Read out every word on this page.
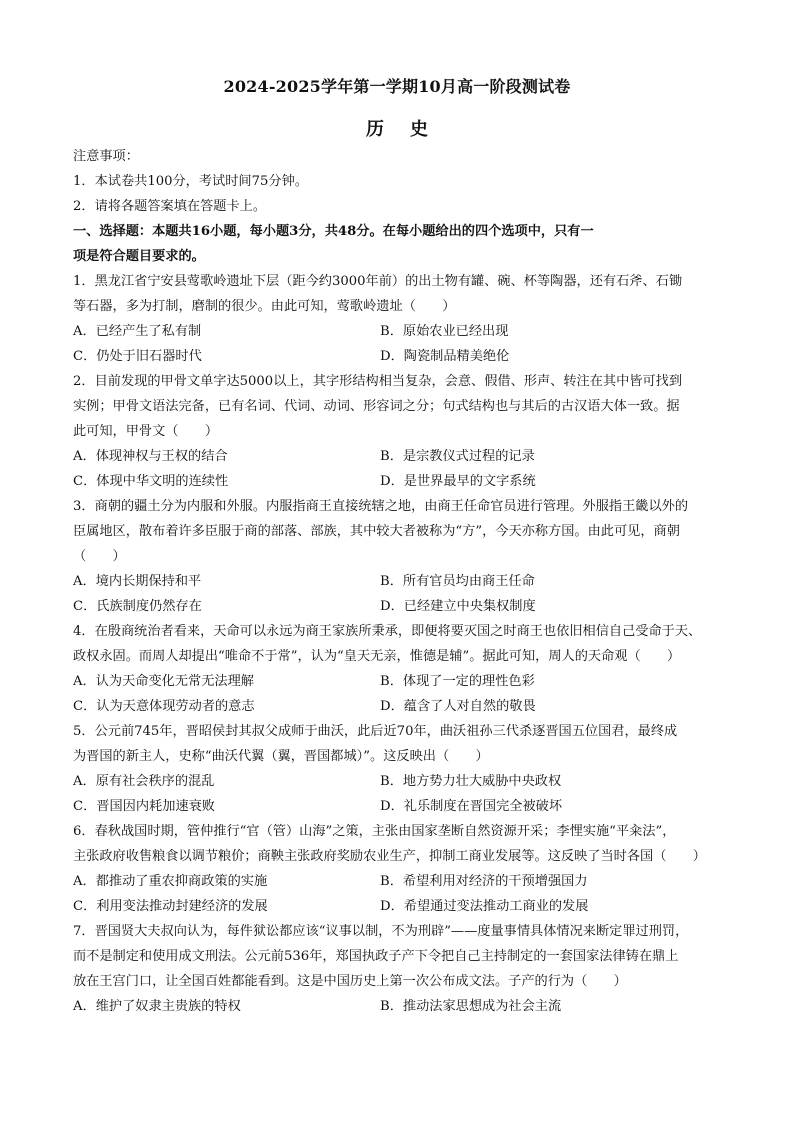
2024-2025学年第一学期10月高一阶段测试卷
历史
注意事项：
1．本试卷共100分，考试时间75分钟。
2．请将各题答案填在答题卡上。
一、选择题：本题共16小题，每小题3分，共48分。在每小题给出的四个选项中，只有一
项是符合题目要求的。
1．黑龙江省宁安县莺歌岭遗址下层（距今约3000年前）的出土物有罐、碗、杯等陶器，还有石斧、石锄
等石器，多为打制，磨制的很少。由此可知，莺歌岭遗址（　　）
A．已经产生了私有制	B．原始农业已经出现
C．仍处于旧石器时代	D．陶瓷制品精美绝伦
2．目前发现的甲骨文单字达5000以上，其字形结构相当复杂，会意、假借、形声、转注在其中皆可找到
实例；甲骨文语法完备，已有名词、代词、动词、形容词之分；句式结构也与其后的古汉语大体一致。据
此可知，甲骨文（　　）
A．体现神权与王权的结合	B．是宗教仪式过程的记录
C．体现中华文明的连续性	D．是世界最早的文字系统
3．商朝的疆土分为内服和外服。内服指商王直接统辖之地，由商王任命官员进行管理。外服指王畿以外的
臣属地区，散布着许多臣服于商的部落、部族，其中较大者被称为“方”，今天亦称方国。由此可见，商朝
（　　）
A．境内长期保持和平	B．所有官员均由商王任命
C．氏族制度仍然存在	D．已经建立中央集权制度
4．在殷商统治者看来，天命可以永远为商王家族所秉承，即便将要灭国之时商王也依旧相信自己受命于天、
政权永固。而周人却提出“唯命不于常”，认为“皇天无亲，惟德是辅”。据此可知，周人的天命观（　　）
A．认为天命变化无常无法理解	B．体现了一定的理性色彩
C．认为天意体现劳动者的意志	D．蕴含了人对自然的敬畏
5．公元前745年，晋昭侯封其叔父成师于曲沃，此后近70年，曲沃祖孙三代杀逐晋国五位国君，最终成
为晋国的新主人，史称“曲沃代翼（翼，晋国都城）”。这反映出（　　）
A．原有社会秩序的混乱	B．地方势力壮大威胁中央政权
C．晋国因内耗加速衰败	D．礼乐制度在晋国完全被破坏
6．春秋战国时期，管仲推行“官（管）山海”之策，主张由国家垄断自然资源开采；李悝实施“平籴法”，
主张政府收售粮食以调节粮价；商鞅主张政府奖励农业生产，抑制工商业发展等。这反映了当时各国（　　）
A．都推动了重农抑商政策的实施	B．希望利用对经济的干预增强国力
C．利用变法推动封建经济的发展	D．希望通过变法推动工商业的发展
7．晋国贤大夫叔向认为，每件狱讼都应该“议事以制，不为刑辟”——度量事情具体情况来断定罪过刑罚，
而不是制定和使用成文刑法。公元前536年，郑国执政子产下令把自己主持制定的一套国家法律铸在鼎上
放在王宫门口，让全国百姓都能看到。这是中国历史上第一次公布成文法。子产的行为（　　）
A．维护了奴隶主贵族的特权	B．推动法家思想成为社会主流
